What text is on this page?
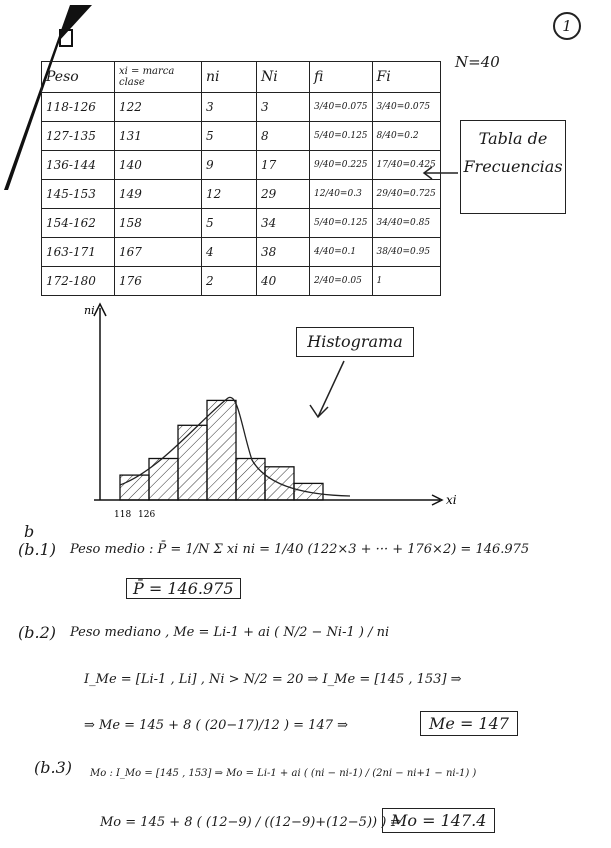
1
N=40
Peso	xi = marca clase	ni	Ni	fi	Fi
118-126	122	3	3	3/40=0.075	3/40=0.075
127-135	131	5	8	5/40=0.125	8/40=0.2
136-144	140	9	17	9/40=0.225	17/40=0.425
145-153	149	12	29	12/40=0.3	29/40=0.725
154-162	158	5	34	5/40=0.125	34/40=0.85
163-171	167	4	38	4/40=0.1	38/40=0.95
172-180	176	2	40	2/40=0.05	1
Tabla de Frecuencias
Histograma
ni
xi
118 126
b
(b.1) Peso medio : P̄ = 1/N Σ xi ni = 1/40 (122×3 + ··· + 176×2) = 146.975
P̄ = 146.975
(b.2) Peso mediano , Me = Li-1 + ai ( N/2 − Ni-1 ) / ni
I_Me = [Li-1 , Li] , Ni > N/2 = 20 ⇒ I_Me = [145 , 153] ⇒
⇒ Me = 145 + 8 ( (20−17)/12 ) = 147 ⇒	Me = 147
(b.3) Mo : I_Mo = [145 , 153] ⇒ Mo = Li-1 + ai ( (ni − ni-1) / (2ni − ni+1 − ni-1) )
Mo = 145 + 8 ( (12−9) / ((12−9)+(12−5)) ) ⇒
Mo = 147.4
